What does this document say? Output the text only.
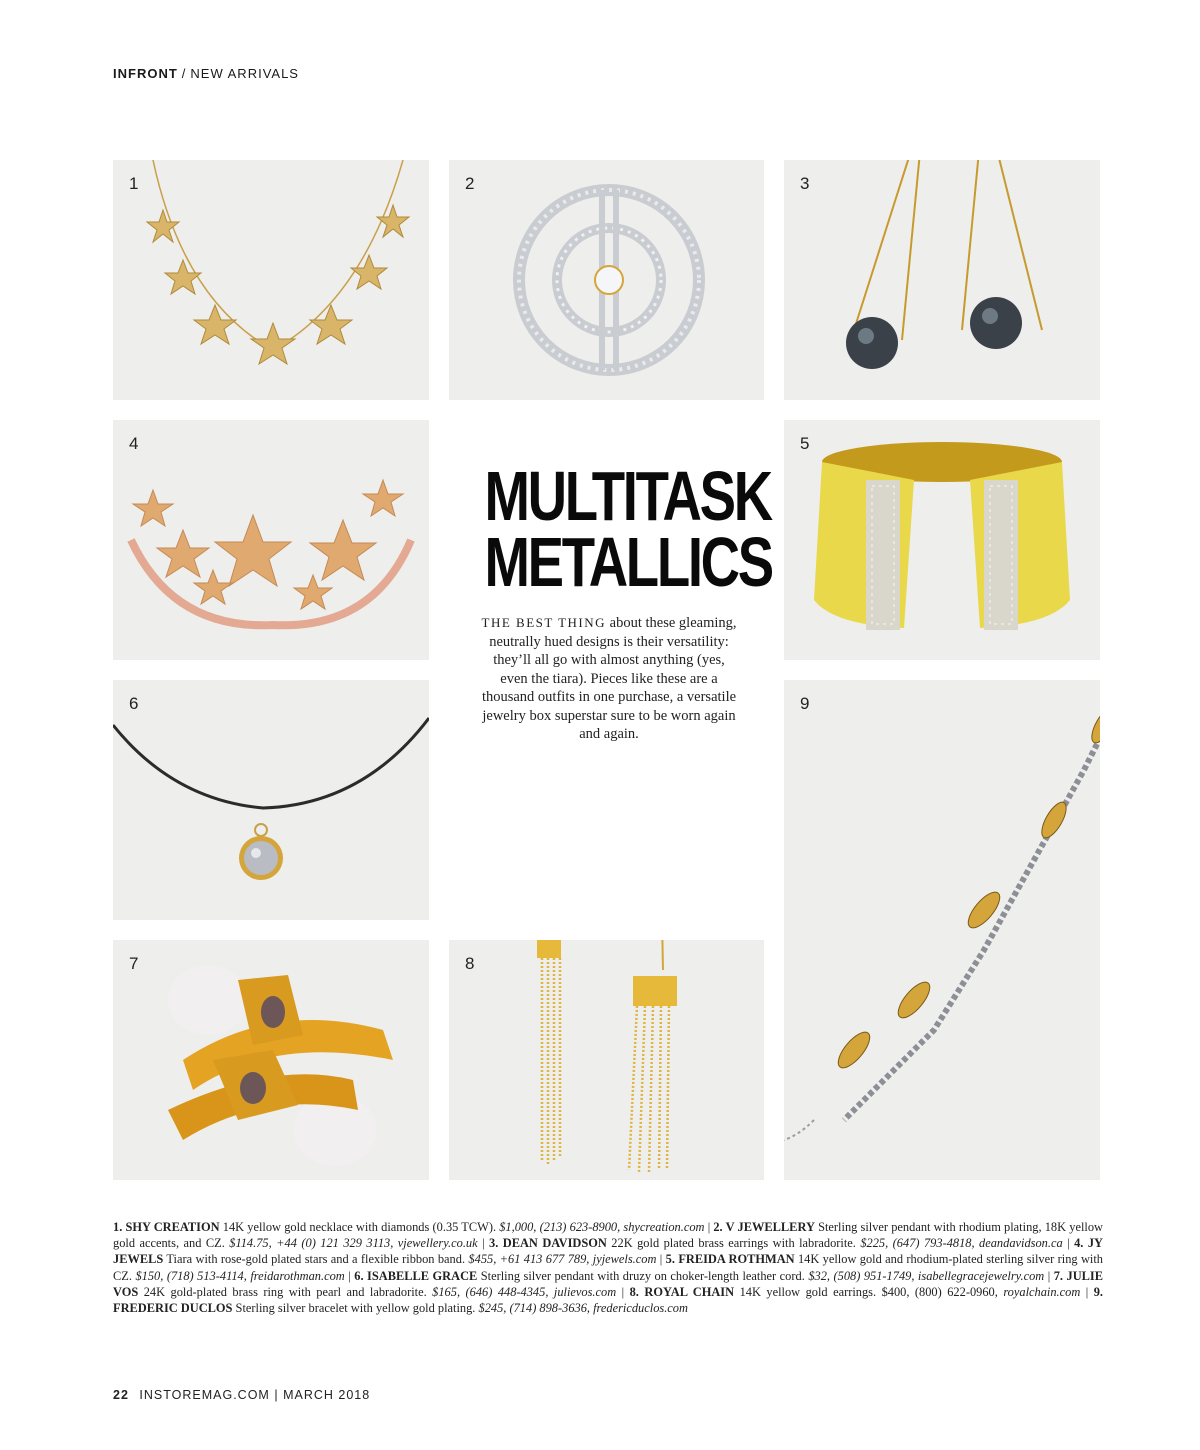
INFRONT / NEW ARRIVALS
1	2	3
4	5
6
7	8
9
MULTITASK
METALLICS
THE BEST THING about these gleaming, neutrally hued designs is their versatility: they’ll all go with almost anything (yes, even the tiara). Pieces like these are a thousand outfits in one purchase, a versatile jewelry box superstar sure to be worn again and again.
1. SHY CREATION 14K yellow gold necklace with diamonds (0.35 TCW). $1,000, (213) 623-8900, shycreation.com | 2. V JEWELLERY Sterling silver pendant with rhodium plating, 18K yellow gold accents, and CZ. $114.75, +44 (0) 121 329 3113, vjewellery.co.uk | 3. DEAN DAVIDSON 22K gold plated brass earrings with labradorite. $225, (647) 793-4818, deandavidson.ca | 4. JY JEWELS Tiara with rose-gold plated stars and a flexible ribbon band. $455, +61 413 677 789, jyjewels.com | 5. FREIDA ROTHMAN 14K yellow gold and rhodium-plated sterling silver ring with CZ. $150, (718) 513-4114, freidarothman.com | 6. ISABELLE GRACE Sterling silver pendant with druzy on choker-length leather cord. $32, (508) 951-1749, isabellegracejewelry.com | 7. JULIE VOS 24K gold-plated brass ring with pearl and labradorite. $165, (646) 448-4345, julievos.com | 8. ROYAL CHAIN 14K yellow gold earrings. $400, (800) 622-0960, royalchain.com | 9. FREDERIC DUCLOS Sterling silver bracelet with yellow gold plating. $245, (714) 898-3636, fredericduclos.com
22 INSTOREMAG.COM | MARCH 2018
